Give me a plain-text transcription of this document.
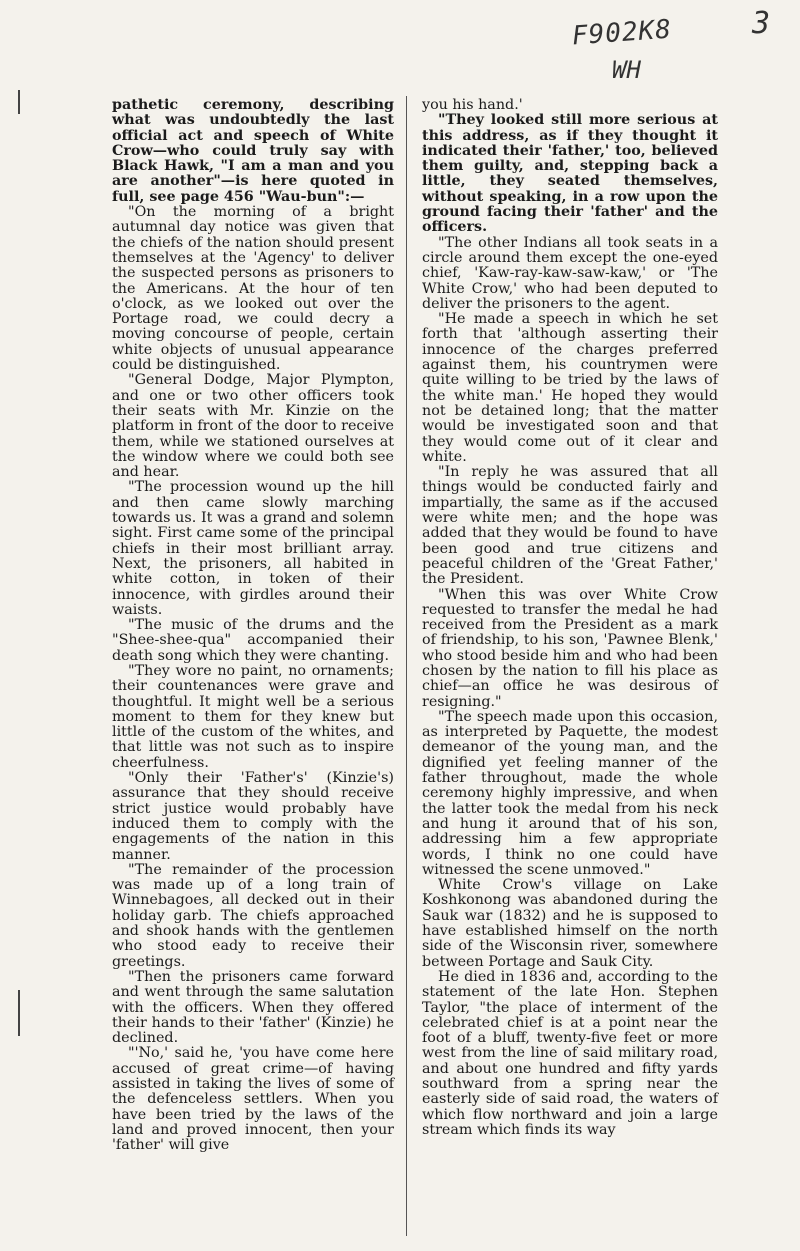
F902K8
WH
3

pathetic ceremony, describing what was undoubtedly the last official act and speech of White Crow—who could truly say with Black Hawk, "I am a man and you are another"—is here quoted in full, see page 456 "Wau-bun":—

"On the morning of a bright autumnal day notice was given that the chiefs of the nation should present themselves at the 'Agency' to deliver the suspected persons as prisoners to the Americans. At the hour of ten o'clock, as we looked out over the Portage road, we could decry a moving concourse of people, certain white objects of unusual appearance could be distinguished.

"General Dodge, Major Plympton, and one or two other officers took their seats with Mr. Kinzie on the platform in front of the door to receive them, while we stationed ourselves at the window where we could both see and hear.

"The procession wound up the hill and then came slowly marching towards us. It was a grand and solemn sight. First came some of the principal chiefs in their most brilliant array. Next, the prisoners, all habited in white cotton, in token of their innocence, with girdles around their waists.

"The music of the drums and the "Shee-shee-qua" accompanied their death song which they were chanting.

"They wore no paint, no ornaments; their countenances were grave and thoughtful. It might well be a serious moment to them for they knew but little of the custom of the whites, and that little was not such as to inspire cheerfulness.

"Only their 'Father's' (Kinzie's) assurance that they should receive strict justice would probably have induced them to comply with the engagements of the nation in this manner.

"The remainder of the procession was made up of a long train of Winnebagoes, all decked out in their holiday garb. The chiefs approached and shook hands with the gentlemen who stood eady to receive their greetings.

"Then the prisoners came forward and went through the same salutation with the officers. When they offered their hands to their 'father' (Kinzie) he declined.

"'No,' said he, 'you have come here accused of great crime—of having assisted in taking the lives of some of the defenceless settlers. When you have been tried by the laws of the land and proved innocent, then your 'father' will give

you his hand.'

"They looked still more serious at this address, as if they thought it indicated their 'father,' too, believed them guilty, and, stepping back a little, they seated themselves, without speaking, in a row upon the ground facing their 'father' and the officers.

"The other Indians all took seats in a circle around them except the one-eyed chief, 'Kaw-ray-kaw-saw-kaw,' or 'The White Crow,' who had been deputed to deliver the prisoners to the agent.

"He made a speech in which he set forth that 'although asserting their innocence of the charges preferred against them, his countrymen were quite willing to be tried by the laws of the white man.' He hoped they would not be detained long; that the matter would be investigated soon and that they would come out of it clear and white.

"In reply he was assured that all things would be conducted fairly and impartially, the same as if the accused were white men; and the hope was added that they would be found to have been good and true citizens and peaceful children of the 'Great Father,' the President.

"When this was over White Crow requested to transfer the medal he had received from the President as a mark of friendship, to his son, 'Pawnee Blenk,' who stood beside him and who had been chosen by the nation to fill his place as chief—an office he was desirous of resigning."

"The speech made upon this occasion, as interpreted by Paquette, the modest demeanor of the young man, and the dignified yet feeling manner of the father throughout, made the whole ceremony highly impressive, and when the latter took the medal from his neck and hung it around that of his son, addressing him a few appropriate words, I think no one could have witnessed the scene unmoved."

White Crow's village on Lake Koshkonong was abandoned during the Sauk war (1832) and he is supposed to have established himself on the north side of the Wisconsin river, somewhere between Portage and Sauk City.

He died in 1836 and, according to the statement of the late Hon. Stephen Taylor, "the place of interment of the celebrated chief is at a point near the foot of a bluff, twenty-five feet or more west from the line of said military road, and about one hundred and fifty yards southward from a spring near the easterly side of said road, the waters of which flow northward and join a large stream which finds its way
